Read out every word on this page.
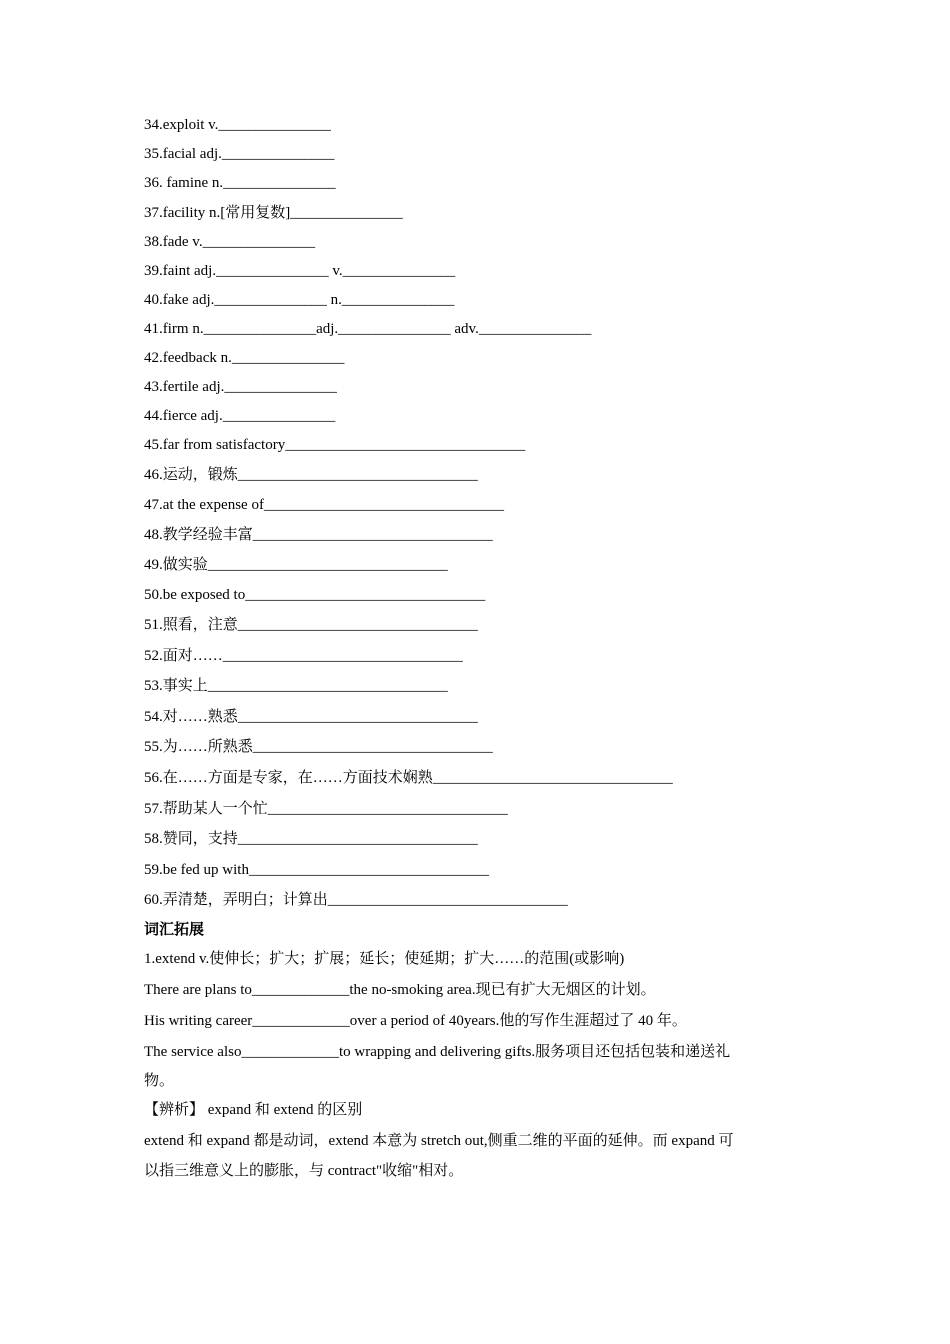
34.exploit v._______________
35.facial adj._______________
36. famine n._______________
37.facility n.[常用复数]_______________
38.fade v._______________
39.faint adj._______________ v._______________
40.fake adj._______________ n._______________
41.firm n._______________adj._______________ adv._______________
42.feedback n._______________
43.fertile adj._______________
44.fierce adj._______________
45.far from satisfactory________________________________
46.运动，锻炼________________________________
47.at the expense of________________________________
48.教学经验丰富________________________________
49.做实验________________________________
50.be exposed to________________________________
51.照看，注意________________________________
52.面对……________________________________
53.事实上________________________________
54.对……熟悉________________________________
55.为……所熟悉________________________________
56.在……方面是专家，在……方面技术娴熟________________________________
57.帮助某人一个忙________________________________
58.赞同，支持________________________________
59.be fed up with________________________________
60.弄清楚，弄明白；计算出________________________________
词汇拓展
1.extend v.使伸长；扩大；扩展；延长；使延期；扩大……的范围(或影响)
There are plans to_____________the no-smoking area.现已有扩大无烟区的计划。
His writing career_____________over a period of 40years.他的写作生涯超过了 40 年。
The service also_____________to wrapping and delivering gifts.服务项目还包括包装和递送礼
物。
【辨析】 expand 和 extend 的区别
extend 和 expand 都是动词，extend 本意为 stretch out,侧重二维的平面的延伸。而 expand 可
以指三维意义上的膨胀，与 contract"收缩"相对。
